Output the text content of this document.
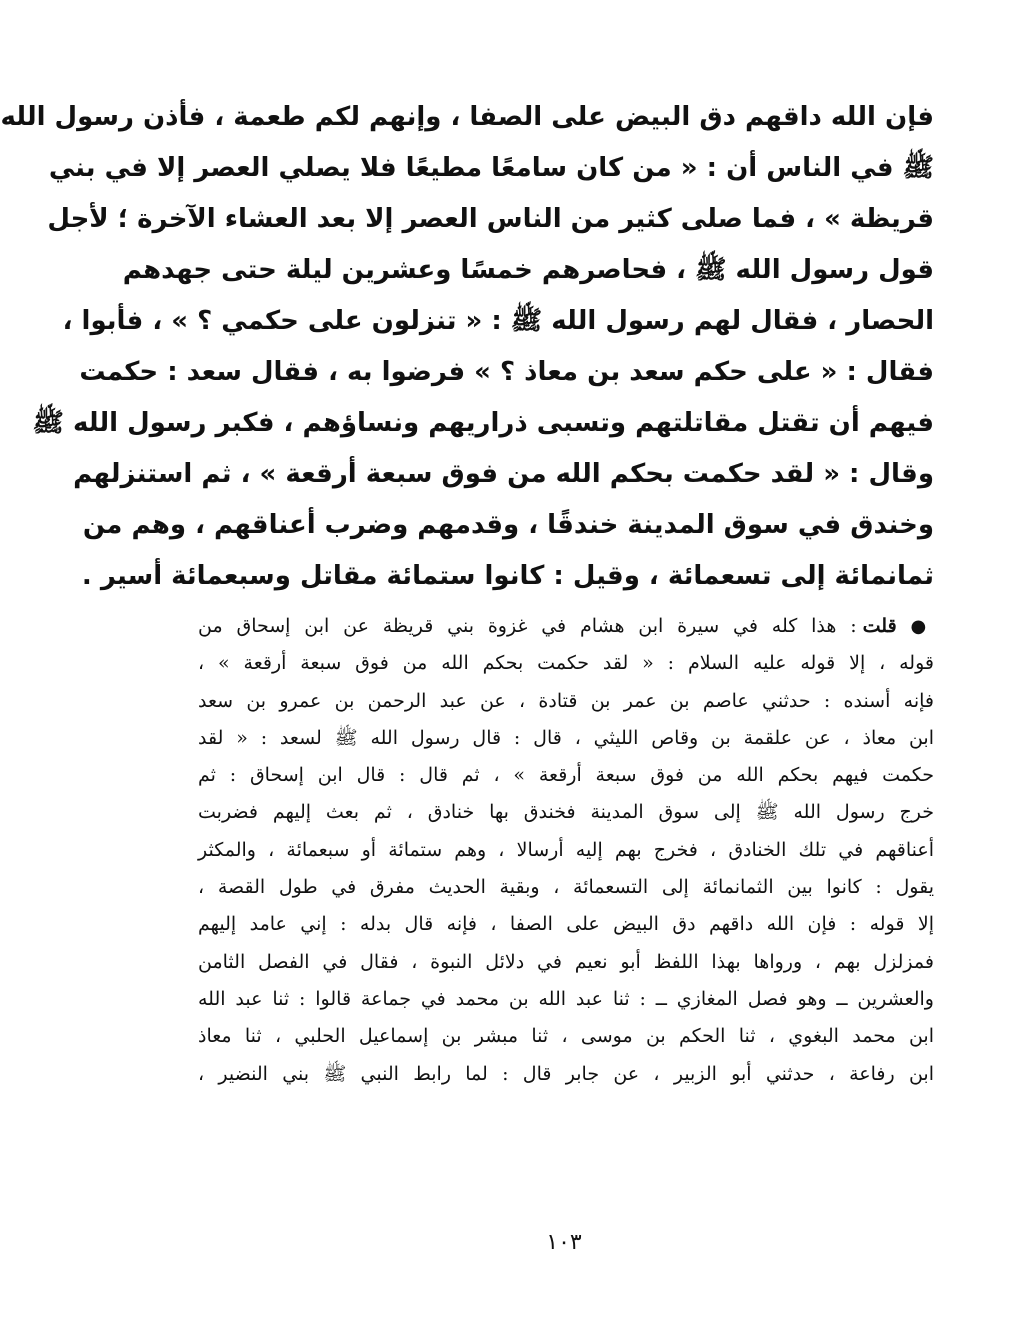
فإن الله داقهم دق البيض على الصفا ، وإنهم لكم طعمة ، فأذن رسول الله
ﷺ في الناس أن : « من كان سامعًا مطيعًا فلا يصلي العصر إلا في بني
قريظة » ، فما صلى كثير من الناس العصر إلا بعد العشاء الآخرة ؛ لأجل
قول رسول الله ﷺ ، فحاصرهم خمسًا وعشرين ليلة حتى جهدهم
الحصار ، فقال لهم رسول الله ﷺ : « تنزلون على حكمي ؟ » ، فأبوا ،
فقال : « على حكم سعد بن معاذ ؟ » فرضوا به ، فقال سعد : حكمت
فيهم أن تقتل مقاتلتهم وتسبى ذراريهم ونساؤهم ، فكبر رسول الله ﷺ
وقال : « لقد حكمت بحكم الله من فوق سبعة أرقعة » ، ثم استنزلهم
وخندق في سوق المدينة خندقًا ، وقدمهم وضرب أعناقهم ، وهم من
ثمانمائة إلى تسعمائة ، وقيل : كانوا ستمائة مقاتل وسبعمائة أسير .
● قلت : هذا كله في سيرة ابن هشام في غزوة بني قريظة عن ابن إسحاق من
قوله ، إلا قوله عليه السلام : « لقد حكمت بحكم الله من فوق سبعة أرقعة » ،
فإنه أسنده : حدثني عاصم بن عمر بن قتادة ، عن عبد الرحمن بن عمرو بن سعد
ابن معاذ ، عن علقمة بن وقاص الليثي ، قال : قال رسول الله ﷺ لسعد : « لقد
حكمت فيهم بحكم الله من فوق سبعة أرقعة » ، ثم قال : قال ابن إسحاق : ثم
خرج رسول الله ﷺ إلى سوق المدينة فخندق بها خنادق ، ثم بعث إليهم فضربت
أعناقهم في تلك الخنادق ، فخرج بهم إليه أرسالا ، وهم ستمائة أو سبعمائة ، والمكثر
يقول : كانوا بين الثمانمائة إلى التسعمائة ، وبقية الحديث مفرق في طول القصة ،
إلا قوله : فإن الله داقهم دق البيض على الصفا ، فإنه قال بدله : إني عامد إليهم
فمزلزل بهم ، ورواها بهذا اللفظ أبو نعيم في دلائل النبوة ، فقال في الفصل الثامن
والعشرين ــ وهو فصل المغازي ــ : ثنا عبد الله بن محمد في جماعة قالوا : ثنا عبد الله
ابن محمد البغوي ، ثنا الحكم بن موسى ، ثنا مبشر بن إسماعيل الحلبي ، ثنا معاذ
ابن رفاعة ، حدثني أبو الزبير ، عن جابر قال : لما رابط النبي ﷺ بني النضير ،
١٠٣
